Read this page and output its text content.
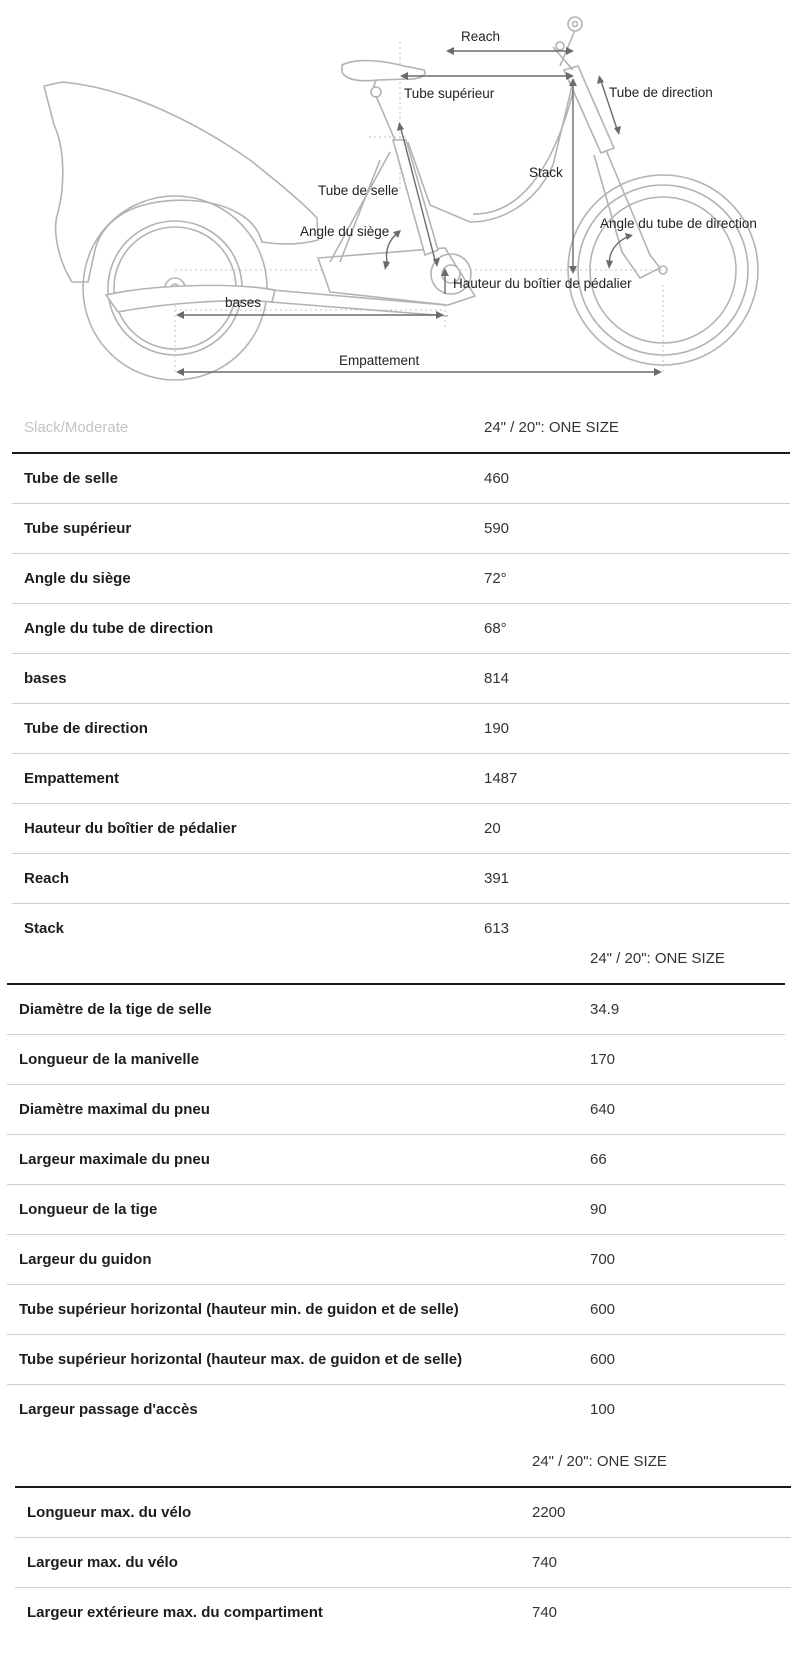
Reach
Tube supérieur	Tube de direction
Stack
Tube de selle
Angle du siège
Angle du tube de direction
Hauteur du boîtier de pédalier
bases
Empattement
Slack/Moderate	24" / 20": ONE SIZE
Tube de selle	460
Tube supérieur	590
Angle du siège	72°
Angle du tube de direction	68°
bases	814
Tube de direction	190
Empattement	1487
Hauteur du boîtier de pédalier	20
Reach	391
Stack	613
24" / 20": ONE SIZE
Diamètre de la tige de selle	34.9
Longueur de la manivelle	170
Diamètre maximal du pneu	640
Largeur maximale du pneu	66
Longueur de la tige	90
Largeur du guidon	700
Tube supérieur horizontal (hauteur min. de guidon et de selle)	600
Tube supérieur horizontal (hauteur max. de guidon et de selle)	600
Largeur passage d'accès	100
24" / 20": ONE SIZE
Longueur max. du vélo	2200
Largeur max. du vélo	740
Largeur extérieure max. du compartiment	740
